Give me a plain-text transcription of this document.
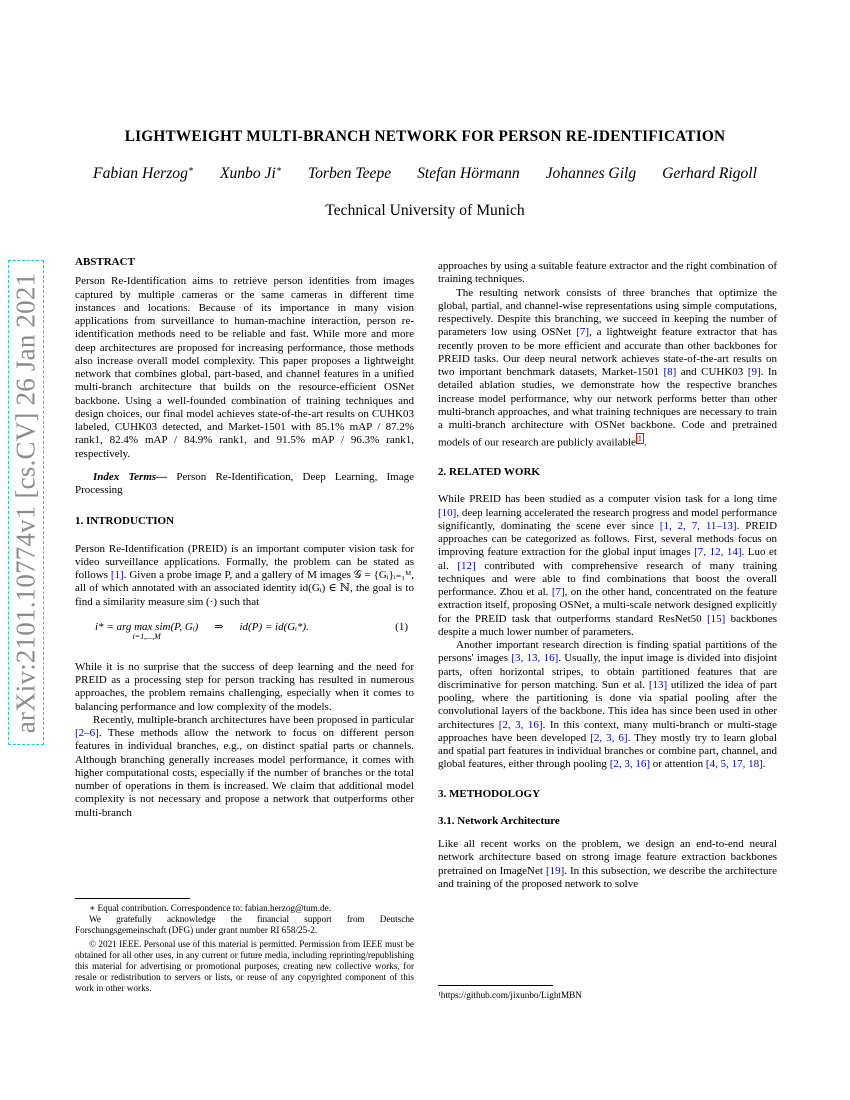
arXiv:2101.10774v1 [cs.CV] 26 Jan 2021
LIGHTWEIGHT MULTI-BRANCH NETWORK FOR PERSON RE-IDENTIFICATION
Fabian Herzog∗ Xunbo Ji∗ Torben Teepe Stefan Hörmann Johannes Gilg Gerhard Rigoll
Technical University of Munich

ABSTRACT

Person Re-Identification aims to retrieve person identities from images captured by multiple cameras or the same cameras in different time instances and locations. Because of its importance in many vision applications from surveillance to human-machine interaction, person re-identification methods need to be reliable and fast. While more and more deep architectures are proposed for increasing performance, those methods also increase overall model complexity. This paper proposes a lightweight network that combines global, part-based, and channel features in a unified multi-branch architecture that builds on the resource-efficient OSNet backbone. Using a well-founded combination of training techniques and design choices, our final model achieves state-of-the-art results on CUHK03 labeled, CUHK03 detected, and Market-1501 with 85.1% mAP / 87.2% rank1, 82.4% mAP / 84.9% rank1, and 91.5% mAP / 96.3% rank1, respectively.

Index Terms— Person Re-Identification, Deep Learning, Image Processing

1. INTRODUCTION

Person Re-Identification (PREID) is an important computer vision task for video surveillance applications. Formally, the problem can be stated as follows [1]. Given a probe image P, and a gallery of M images 𝒢 = {Gᵢ}ᵢ₌₁ᴹ, all of which annotated with an associated identity id(Gᵢ) ∈ ℕ, the goal is to find a similarity measure sim (·) such that

i* = arg max sim(P, Gᵢ)
i=1,...,M
⇒ id(P) = id(Gᵢ*).	(1)

While it is no surprise that the success of deep learning and the need for PREID as a processing step for person tracking has resulted in numerous approaches, the problem remains challenging, especially when it comes to balancing performance and low complexity of the models.

Recently, multiple-branch architectures have been proposed in particular [2–6]. These methods allow the network to focus on different person features in individual branches, e.g., on distinct spatial parts or channels. Although branching generally increases model performance, it comes with higher computational costs, especially if the number of branches or the total number of operations in them is increased. We claim that additional model complexity is not necessary and propose a network that outperforms other multi-branch

∗ Equal contribution. Correspondence to: fabian.herzog@tum.de.

We gratefully acknowledge the financial support from Deutsche Forschungsgemeinschaft (DFG) under grant number RI 658/25-2.

© 2021 IEEE. Personal use of this material is permitted. Permission from IEEE must be obtained for all other uses, in any current or future media, including reprinting/republishing this material for advertising or promotional purposes, creating new collective works, for resale or redistribution to servers or lists, or reuse of any copyrighted component of this work in other works.

approaches by using a suitable feature extractor and the right combination of training techniques.

The resulting network consists of three branches that optimize the global, partial, and channel-wise representations using simple computations, respectively. Despite this branching, we succeed in keeping the number of parameters low using OSNet [7], a lightweight feature extractor that has recently proven to be more efficient and accurate than other backbones for PREID tasks. Our deep neural network achieves state-of-the-art results on two important benchmark datasets, Market-1501 [8] and CUHK03 [9]. In detailed ablation studies, we demonstrate how the respective branches increase model performance, why our network performs better than other multi-branch approaches, and what training techniques are necessary to train a multi-branch architecture with OSNet backbone. Code and pretrained models of our research are publicly available $^1$ .

2. RELATED WORK

While PREID has been studied as a computer vision task for a long time [10], deep learning accelerated the research progress and model performance significantly, dominating the scene ever since [1, 2, 7, 11–13]. PREID approaches can be categorized as follows. First, several methods focus on improving feature extraction for the global input images [7, 12, 14]. Luo et al. [12] contributed with comprehensive research of many training techniques and were able to find combinations that boost the overall performance. Zhou et al. [7], on the other hand, concentrated on the feature extraction itself, proposing OSNet, a multi-scale network designed explicitly for the PREID task that outperforms standard ResNet50 [15] backbones despite a much lower number of parameters.

Another important research direction is finding spatial partitions of the persons' images [3, 13, 16]. Usually, the input image is divided into disjoint parts, often horizontal stripes, to obtain partitioned features that are discriminative for person matching. Sun et al. [13] utilized the idea of part pooling, where the partitioning is done via spatial pooling after the convolutional layers of the backbone. This idea has since been used in other architectures [2, 3, 16]. In this context, many multi-branch or multi-stage approaches have been developed [2, 3, 6]. They mostly try to learn global and spatial part features in individual branches or combine part, channel, and global features, either through pooling [2, 3, 16] or attention [4, 5, 17, 18].

3. METHODOLOGY

3.1. Network Architecture

Like all recent works on the problem, we design an end-to-end neural network architecture based on strong image feature extraction backbones pretrained on ImageNet [19]. In this subsection, we describe the architecture and training of the proposed network to solve

¹https://github.com/jixunbo/LightMBN
